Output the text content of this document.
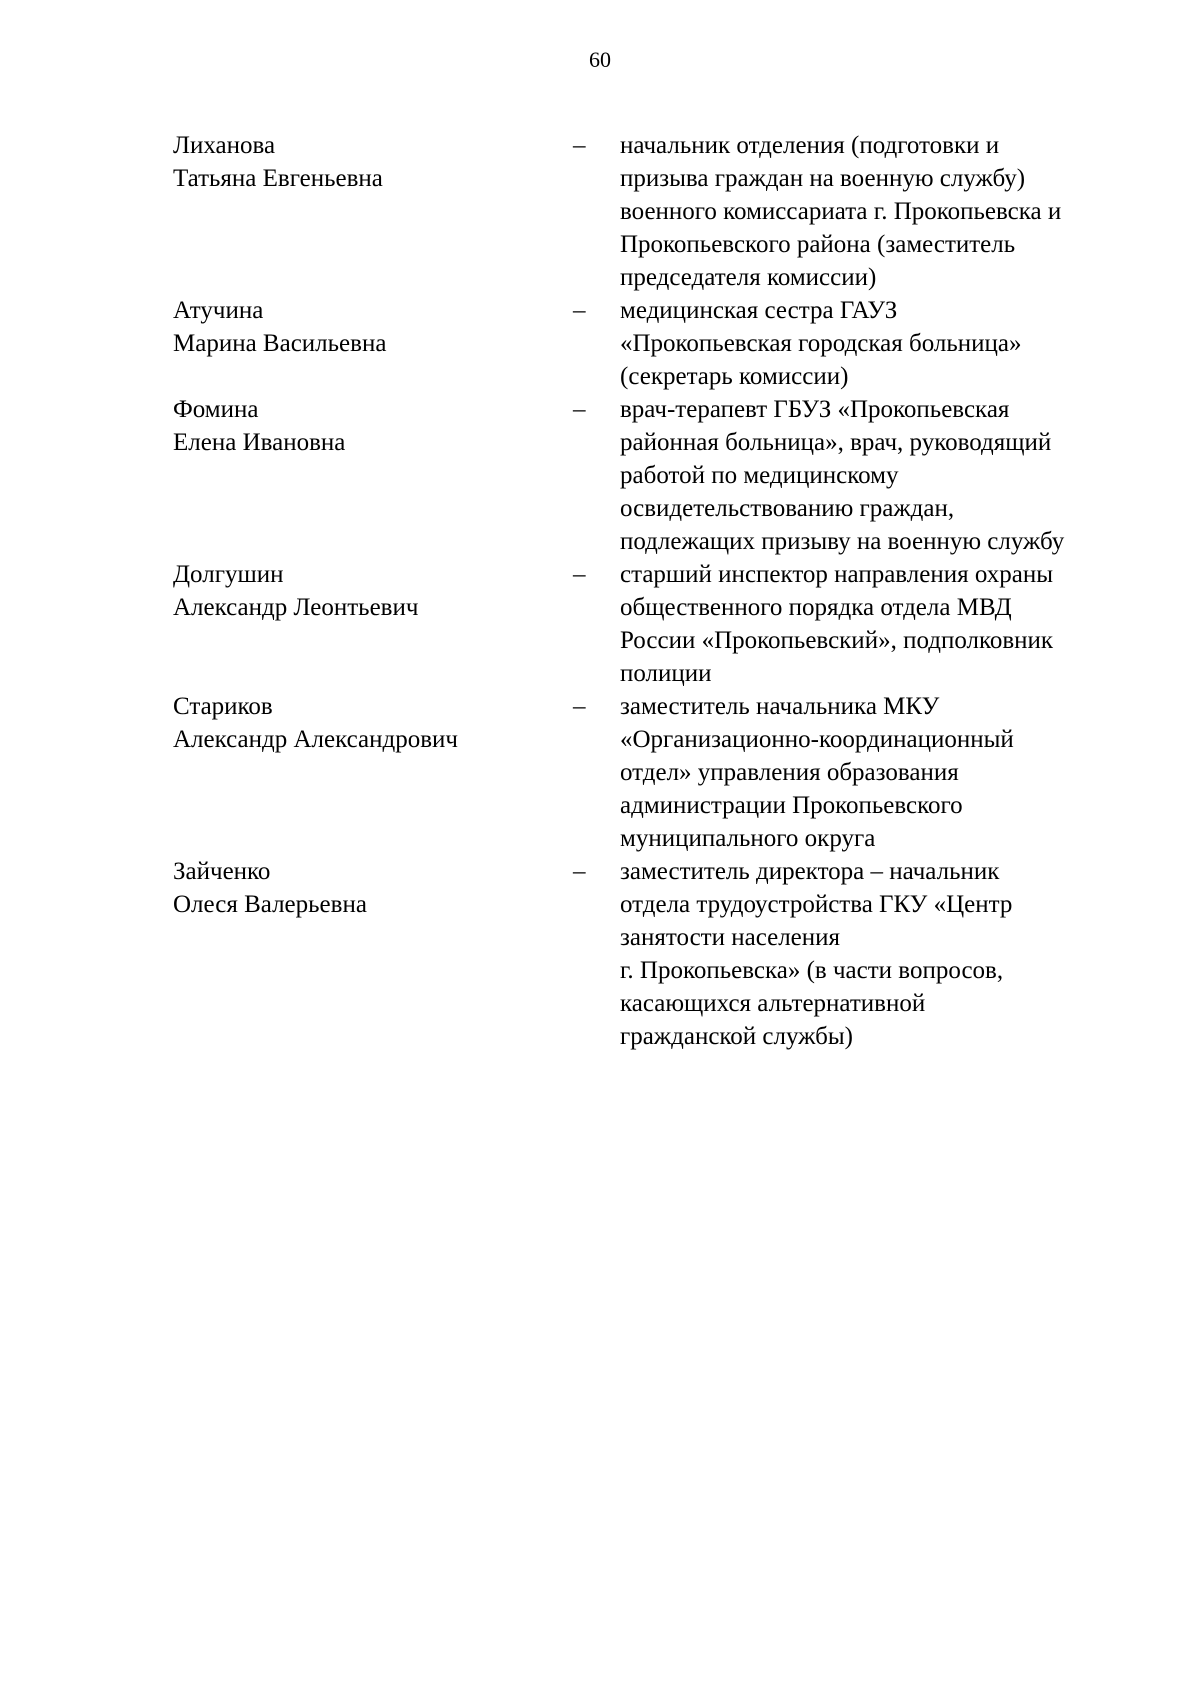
60
Лиханова
Татьяна Евгеньевна
–	начальник отделения (подготовки и
призыва граждан на военную службу)
военного комиссариата г. Прокопьевска и
Прокопьевского района (заместитель
председателя комиссии)
Атучина
Марина Васильевна
–	медицинская сестра ГАУЗ
«Прокопьевская городская больница»
(секретарь комиссии)
Фомина
Елена Ивановна
–	врач-терапевт ГБУЗ «Прокопьевская
районная больница», врач, руководящий
работой по медицинскому
освидетельствованию граждан,
подлежащих призыву на военную службу
Долгушин
Александр Леонтьевич
–	старший инспектор направления охраны
общественного порядка отдела МВД
России «Прокопьевский», подполковник
полиции
Стариков
Александр Александрович
–	заместитель начальника МКУ
«Организационно-координационный
отдел» управления образования
администрации Прокопьевского
муниципального округа
Зайченко
Олеся Валерьевна
–	заместитель директора – начальник
отдела трудоустройства ГКУ «Центр
занятости населения
г. Прокопьевска» (в части вопросов,
касающихся альтернативной
гражданской службы)
